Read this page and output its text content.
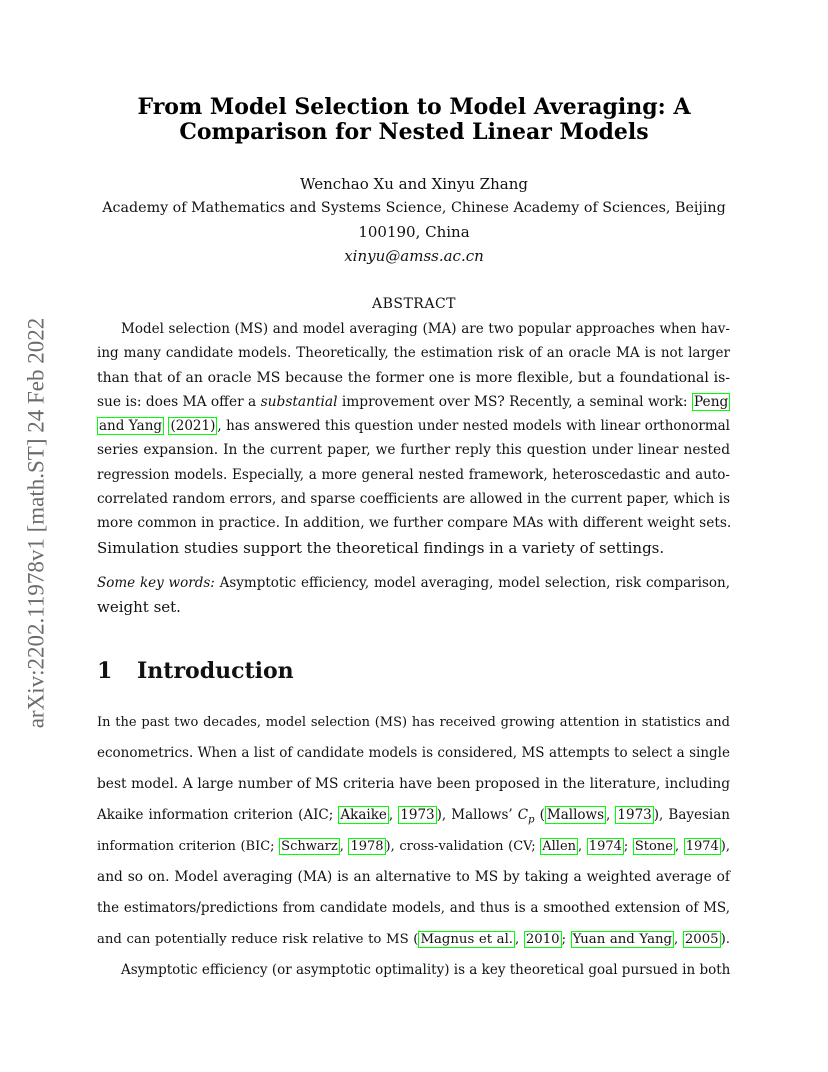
arXiv:2202.11978v1 [math.ST] 24 Feb 2022
From Model Selection to Model Averaging: A
Comparison for Nested Linear Models
Wenchao Xu and Xinyu Zhang
Academy of Mathematics and Systems Science, Chinese Academy of Sciences, Beijing
100190, China
xinyu@amss.ac.cn
ABSTRACT
Model selection (MS) and model averaging (MA) are two popular approaches when hav-
ing many candidate models. Theoretically, the estimation risk of an oracle MA is not larger
than that of an oracle MS because the former one is more flexible, but a foundational is-
sue is: does MA offer a substantial improvement over MS? Recently, a seminal work: Peng
and Yang (2021) , has answered this question under nested models with linear orthonormal
series expansion. In the current paper, we further reply this question under linear nested
regression models. Especially, a more general nested framework, heteroscedastic and auto-
correlated random errors, and sparse coefficients are allowed in the current paper, which is
more common in practice. In addition, we further compare MAs with different weight sets.
Simulation studies support the theoretical findings in a variety of settings.
Some key words: Asymptotic efficiency, model averaging, model selection, risk comparison,
weight set.
1 Introduction
In the past two decades, model selection (MS) has received growing attention in statistics and
econometrics. When a list of candidate models is considered, MS attempts to select a single
best model. A large number of MS criteria have been proposed in the literature, including
Akaike information criterion (AIC; Akaike , 1973 ), Mallows’ $C_p$ ( Mallows , 1973 ), Bayesian
information criterion (BIC; Schwarz , 1978 ), cross-validation (CV; Allen , 1974 ; Stone , 1974 ),
and so on. Model averaging (MA) is an alternative to MS by taking a weighted average of
the estimators/predictions from candidate models, and thus is a smoothed extension of MS,
and can potentially reduce risk relative to MS ( Magnus et al. , 2010 ; Yuan and Yang , 2005 ).
Asymptotic efficiency (or asymptotic optimality) is a key theoretical goal pursued in both
